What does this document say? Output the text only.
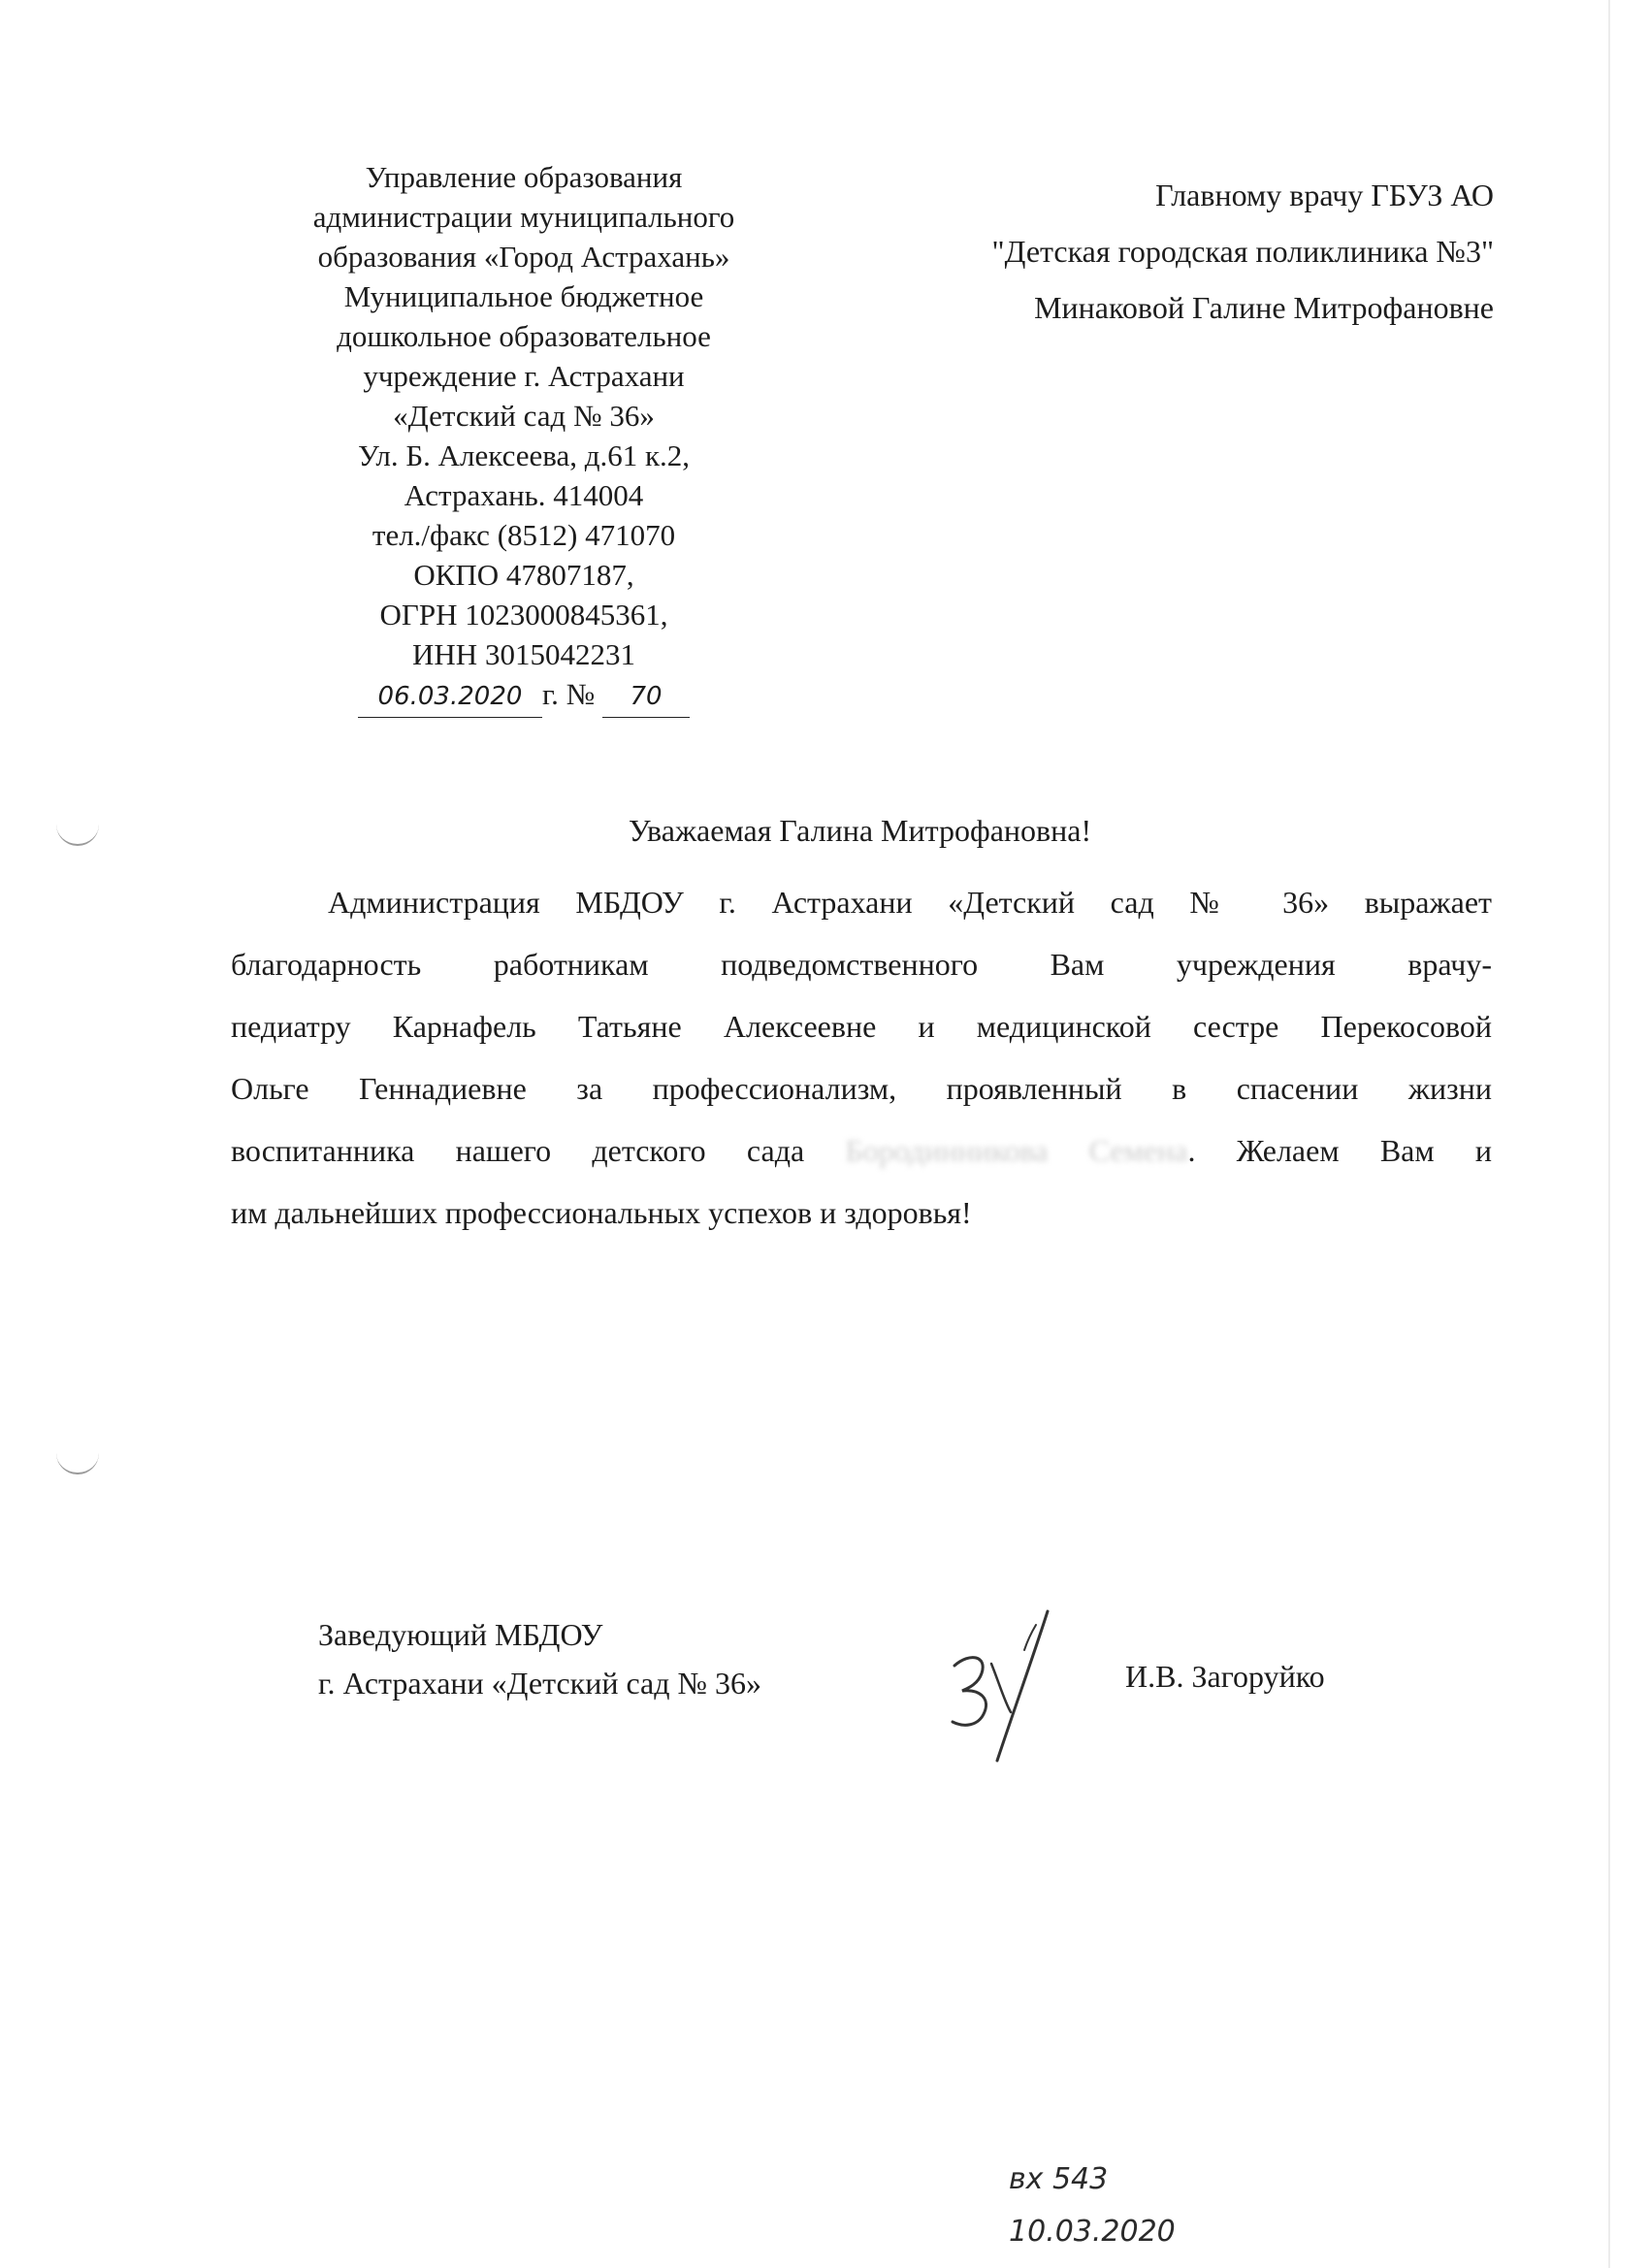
Управление образования
администрации муниципального
образования «Город Астрахань»
Муниципальное бюджетное
дошкольное образовательное
учреждение г. Астрахани
«Детский сад № 36»
Ул. Б. Алексеева, д.61 к.2,
Астрахань. 414004
тел./факс (8512) 471070
ОКПО 47807187,
ОГРН 1023000845361,
ИНН 3015042231
06.03.2020 г. № 70
Главному врачу ГБУЗ АО
"Детская городская поликлиника №3"
Минаковой Галине Митрофановне
Уважаемая Галина Митрофановна!
Администрация МБДОУ г. Астрахани «Детский сад № 36» выражает
благодарность работникам подведомственного Вам учреждения врачу-
педиатру Карнафель Татьяне Алексеевне и медицинской сестре Перекосовой
Ольге Геннадиевне за профессионализм, проявленный в спасении жизни
воспитанника нашего детского сада Бородинникова Семена. Желаем Вам и
им дальнейших профессиональных успехов и здоровья!
Заведующий МБДОУ
г. Астрахани «Детский сад № 36»	И.В. Загоруйко
вх 543
10.03.2020
